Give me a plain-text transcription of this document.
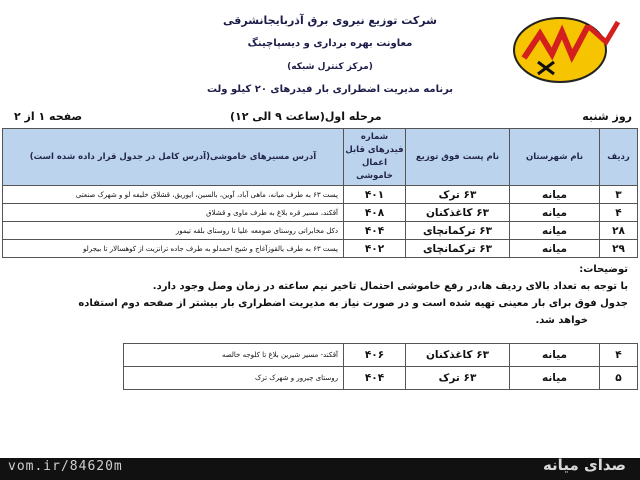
شرکت توزیع نیروی برق آذربایجانشرقی
معاونت بهره برداری و دیسپاچینگ
(مرکز کنترل شبکه)
برنامه مدیریت اضطراری بار فیدرهای ۲۰ کیلو ولت
روز شنبه
مرحله اول(ساعت ۹ الی ۱۲)
صفحه ۱ از ۲
ردیف	نام شهرستان	نام پست فوق توزیع	شماره فیدرهای قابل اعمال خاموشی	آدرس مسیرهای خاموشی(آدرس کامل در جدول قرار داده شده است)
۳	میانه	۶۳ ترک	۴۰۱	پست ۶۳ به طرف میانه، ماهی آباد، آوین، بالسین، ایوریق، قشلاق خلیفه لو و شهرک صنعتی
۴	میانه	۶۳ کاغذکنان	۴۰۸	آقکند، مسیر قره بلاغ به طرف ماوی و قشلاق
۲۸	میانه	۶۳ ترکمانچای	۴۰۴	دکل مخابراتی روستای صومعه علیا تا روستای بلقه تیمور
۲۹	میانه	۶۳ ترکمانچای	۴۰۲	پست ۶۳ به طرف یالقوزآغاج و شیخ احمدلو به طرف جاده ترانزیت از کوهسالار تا بیجرلو

توضیحات:

با توجه به تعداد بالای ردیف ها،در رفع خاموشی احتمال تاخیر نیم ساعته در زمان وصل وجود دارد.

جدول فوق برای بار معینی تهیه شده است و در صورت نیاز به مدیریت اضطراری بار بیشتر از صفحه دوم استفاده

خواهد شد.

۴	میانه	۶۳ کاغذکنان	۴۰۶	آقکند- مسیر شیرین بلاغ تا کلوجه خالصه	
۵	میانه	۶۳ ترک	۴۰۴	روستای چیرور و شهرک ترک	
vom.ir/84620m	صدای میانه
